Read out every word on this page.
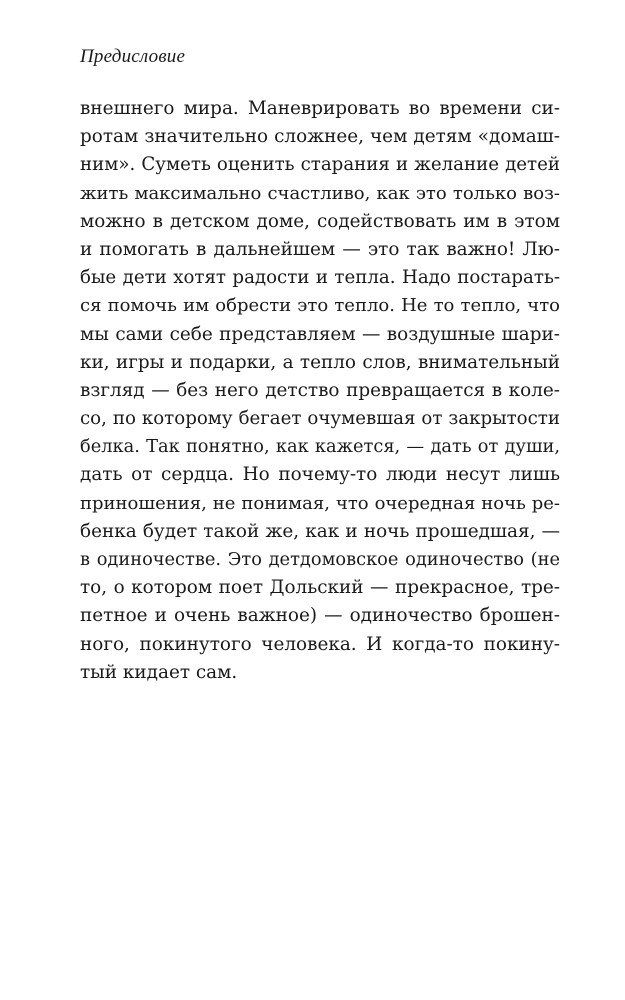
Предисловие
внешнего мира. Маневрировать во времени си-
ротам значительно сложнее, чем детям «домаш-
ним». Суметь оценить старания и желание детей
жить максимально счастливо, как это только воз-
можно в детском доме, содействовать им в этом
и помогать в дальнейшем — это так важно! Лю-
бые дети хотят радости и тепла. Надо постарать-
ся помочь им обрести это тепло. Не то тепло, что
мы сами себе представляем — воздушные шари-
ки, игры и подарки, а тепло слов, внимательный
взгляд — без него детство превращается в коле-
со, по которому бегает очумевшая от закрытости
белка. Так понятно, как кажется, — дать от души,
дать от сердца. Но почему-то люди несут лишь
приношения, не понимая, что очередная ночь ре-
бенка будет такой же, как и ночь прошедшая, —
в одиночестве. Это детдомовское одиночество (не
то, о котором поет Дольский — прекрасное, тре-
петное и очень важное) — одиночество брошен-
ного, покинутого человека. И когда-то покину-
тый кидает сам.
